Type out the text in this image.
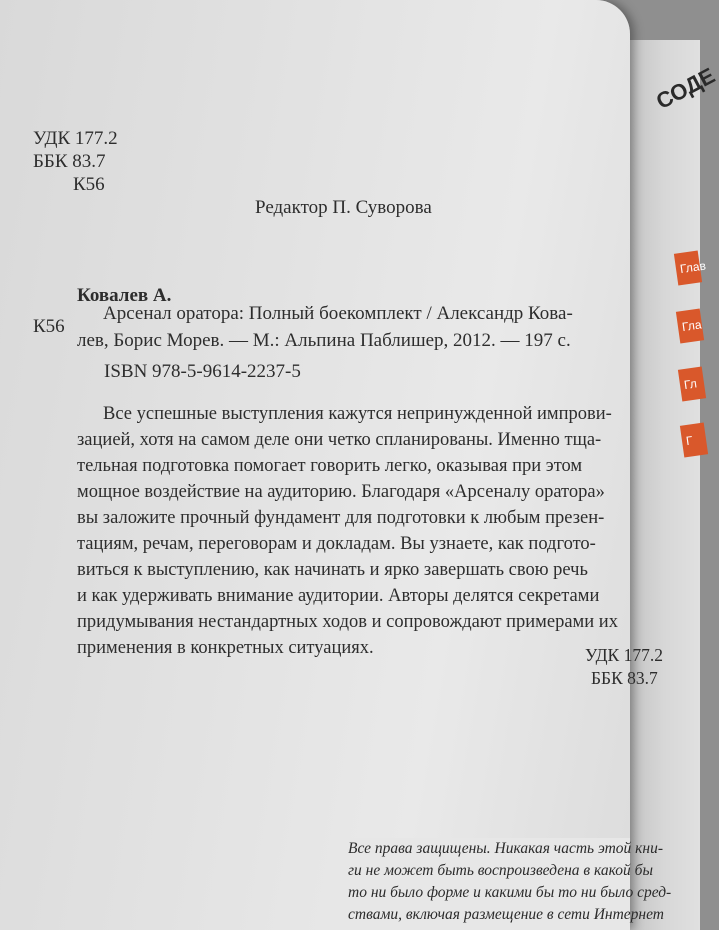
СОДЕ
Глав
Гла
Гл
Г
УДК 177.2
ББК 83.7
К56
Редактор П. Суворова
Ковалев А.
К56
Арсенал оратора: Полный боекомплект / Александр Кова-
лев, Борис Морев. — М.: Альпина Паблишер, 2012. — 197 с.
ISBN 978-5-9614-2237-5
Все успешные выступления кажутся непринужденной импрови-
зацией, хотя на самом деле они четко спланированы. Именно тща-
тельная подготовка помогает говорить легко, оказывая при этом
мощное воздействие на аудиторию. Благодаря «Арсеналу оратора»
вы заложите прочный фундамент для подготовки к любым презен-
тациям, речам, переговорам и докладам. Вы узнаете, как подгото-
виться к выступлению, как начинать и ярко завершать свою речь
и как удерживать внимание аудитории. Авторы делятся секретами
придумывания нестандартных ходов и сопровождают примерами их
применения в конкретных ситуациях.	УДК 177.2
ББК 83.7
Все права защищены. Никакая часть этой кни-
ги не может быть воспроизведена в какой бы
то ни было форме и какими бы то ни было сред-
ствами, включая размещение в сети Интернет
